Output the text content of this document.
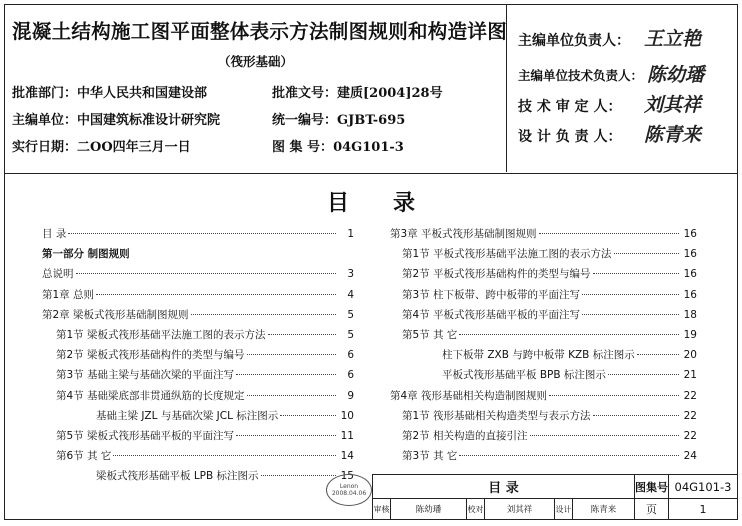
混凝土结构施工图平面整体表示方法制图规则和构造详图
（筏形基础）
批准部门：中华人民共和国建设部	批准文号：建质[2004]28号
主编单位：中国建筑标准设计研究院	统一编号：GJBT-695
实行日期：二OO四年三月一日	图 集 号：04G101-3
主编单位负责人： 王立艳
主编单位技术负责人： 陈幼璠
技 术 审 定 人： 刘其祥
设 计 负 责 人： 陈青来
目录
目 录	1
第一部分 制图规则
总说明	3
第1章 总则	4
第2章 梁板式筏形基础制图规则	5
第1节 梁板式筏形基础平法施工图的表示方法	5
第2节 梁板式筏形基础构件的类型与编号	6
第3节 基础主梁与基础次梁的平面注写	6
第4节 基础梁底部非贯通纵筋的长度规定	9
基础主梁 JZL 与基础次梁 JCL 标注图示	10
第5节 梁板式筏形基础平板的平面注写	11
第6节 其 它	14
梁板式筏形基础平板 LPB 标注图示	15
第3章 平板式筏形基础制图规则	16
第1节 平板式筏形基础平法施工图的表示方法	16
第2节 平板式筏形基础构件的类型与编号	16
第3节 柱下板带、跨中板带的平面注写	16
第4节 平板式筏形基础平板的平面注写	18
第5节 其 它	19
柱下板带 ZXB 与跨中板带 KZB 标注图示	20
平板式筏形基础平板 BPB 标注图示	21
第4章 筏形基础相关构造制图规则	22
第1节 筏形基础相关构造类型与表示方法	22
第2节 相关构造的直接引注	22
第3节 其 它	24
Lenon
2008.04.06	目 录	图集号 04G101-3
审核	陈幼璠	校对	刘其祥	设计	陈青来	页	1
